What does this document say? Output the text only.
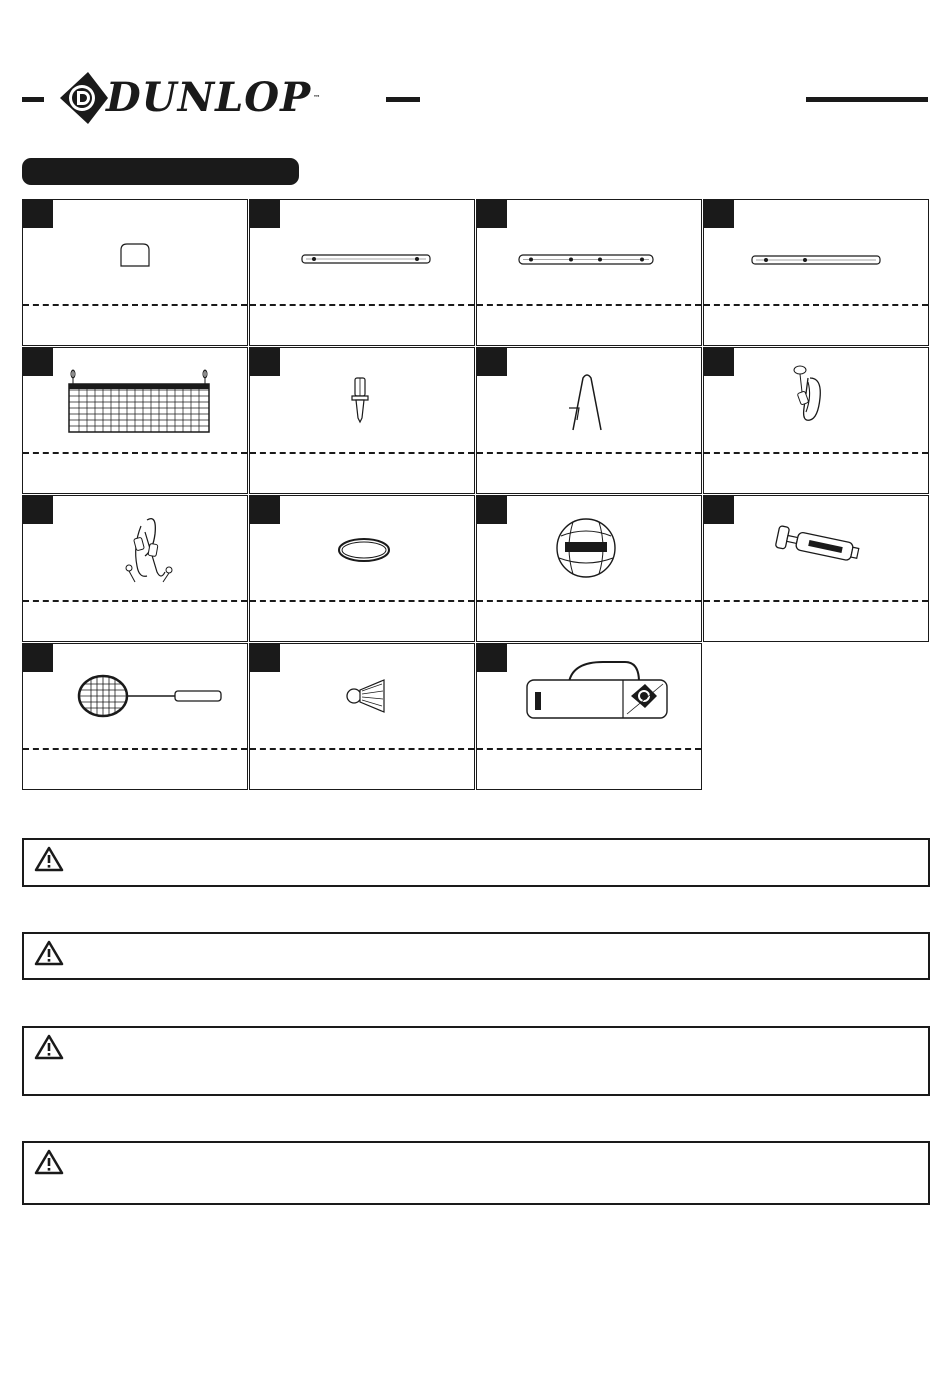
DUNLOP ™
